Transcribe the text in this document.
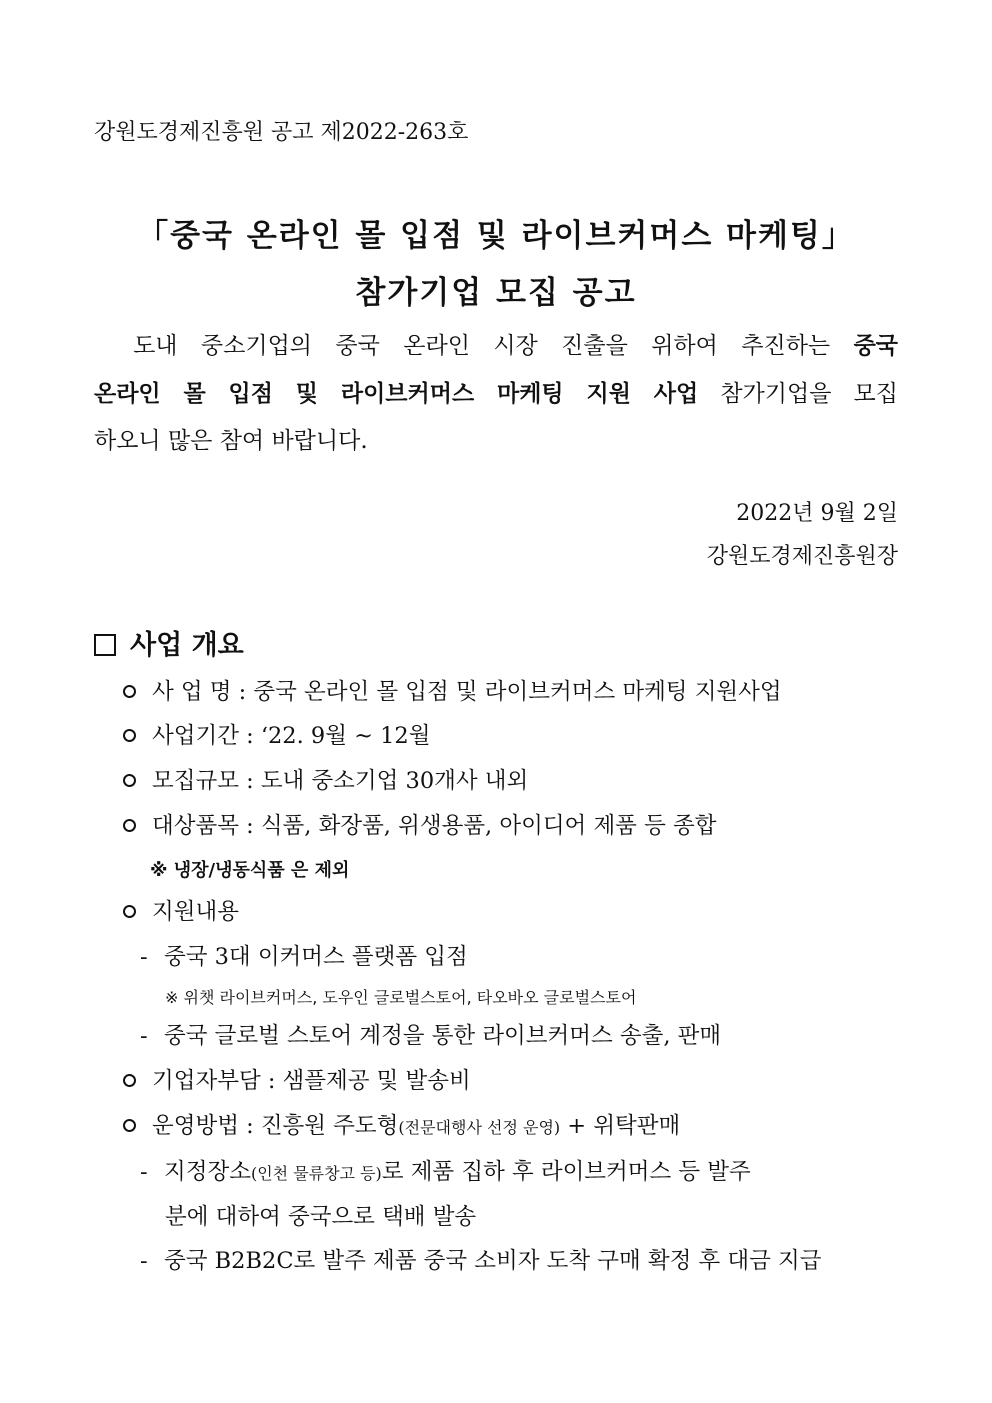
강원도경제진흥원 공고 제2022-263호
「중국 온라인 몰 입점 및 라이브커머스 마케팅」
참가기업 모집 공고
　도내 중소기업의 중국 온라인 시장 진출을 위하여 추진하는 중국
온라인 몰 입점 및 라이브커머스 마케팅 지원 사업 참가기업을 모집
하오니 많은 참여 바랍니다.
2022년 9월 2일
강원도경제진흥원장
사업 개요
사 업 명 : 중국 온라인 몰 입점 및 라이브커머스 마케팅 지원사업
사업기간 : ‘22. 9월 ~ 12월
모집규모 : 도내 중소기업 30개사 내외
대상품목 : 식품, 화장품, 위생용품, 아이디어 제품 등 종합
※ 냉장/냉동식품 은 제외
지원내용
- 중국 3대 이커머스 플랫폼 입점
※ 위챗 라이브커머스, 도우인 글로벌스토어, 타오바오 글로벌스토어
- 중국 글로벌 스토어 계정을 통한 라이브커머스 송출, 판매
기업자부담 : 샘플제공 및 발송비
운영방법 : 진흥원 주도형(전문대행사 선정 운영) + 위탁판매
- 지정장소(인천 물류창고 등)로 제품 집하 후 라이브커머스 등 발주
분에 대하여 중국으로 택배 발송
- 중국 B2B2C로 발주 제품 중국 소비자 도착 구매 확정 후 대금 지급
